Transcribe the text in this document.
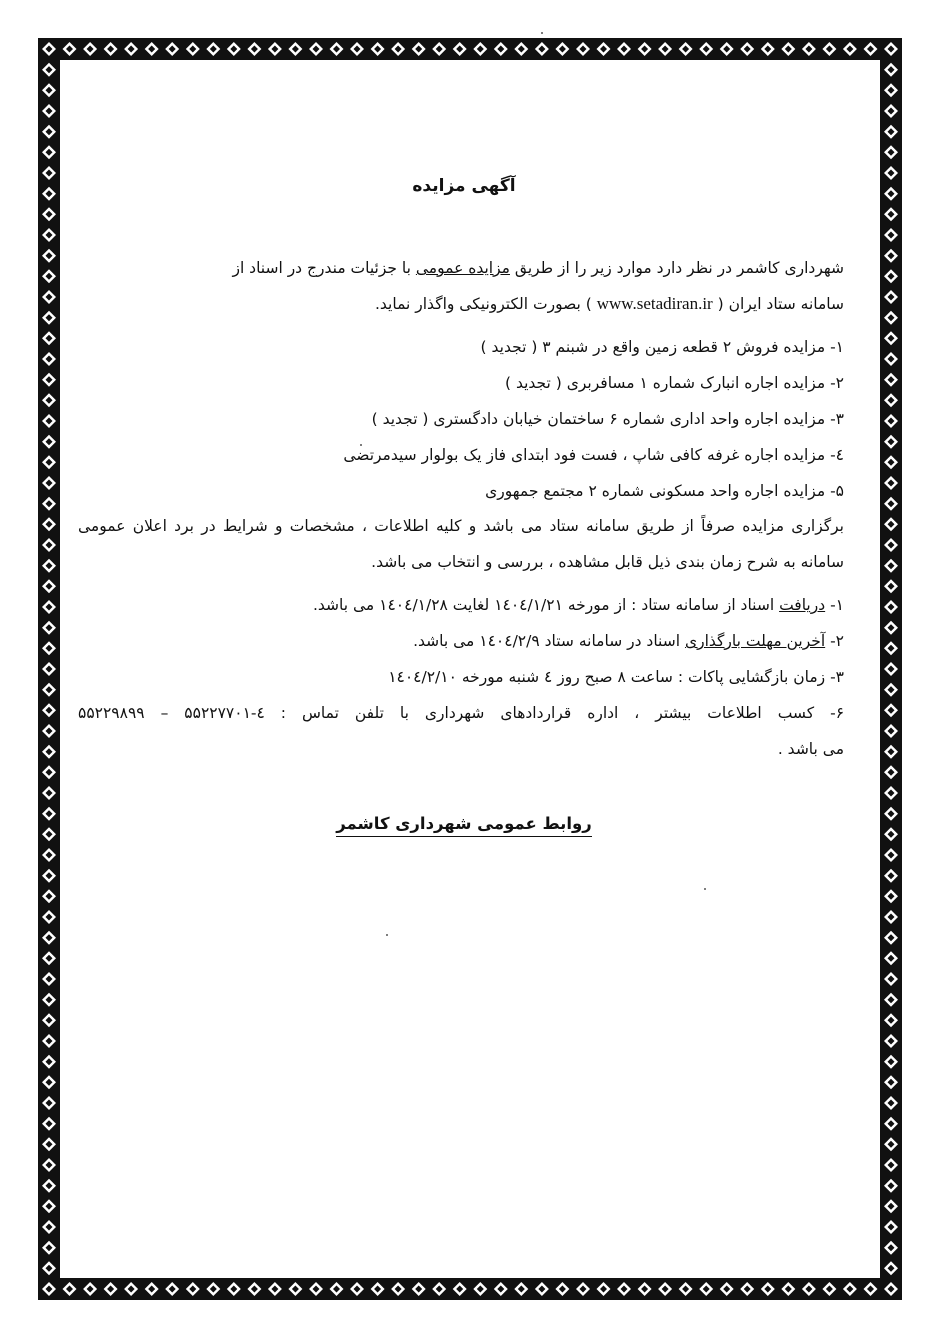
آگهی مزایده
شهرداری کاشمر در نظر دارد موارد زیر را از طریق مزایده عمومی با جزئیات مندرج در اسناد از
سامانه ستاد ایران ( www.setadiran.ir ) بصورت الکترونیکی واگذار نماید.
۱- مزایده فروش ۲ قطعه زمین واقع در شبنم ۳ ( تجدید )
۲- مزایده اجاره انبارک شماره ۱ مسافربری ( تجدید )
۳- مزایده اجاره واحد اداری شماره ۶ ساختمان خیابان دادگستری ( تجدید )
٤- مزایده اجاره غرفه کافی شاپ ، فست فود ابتدای فاز یک بولوار سیدمرتضی
۵- مزایده اجاره واحد مسکونی شماره ۲ مجتمع جمهوری
برگزاری مزایده صرفاً از طریق سامانه ستاد می باشد و کلیه اطلاعات ، مشخصات و شرایط در برد اعلان عمومی سامانه به شرح زمان بندی ذیل قابل مشاهده ، بررسی و انتخاب می باشد.
۱- دریافت اسناد از سامانه ستاد : از مورخه ۱٤۰٤/۱/۲۱ لغایت ۱٤۰٤/۱/۲۸ می باشد.
۲- آخرین مهلت بارگذاری اسناد در سامانه ستاد ۱٤۰٤/۲/۹ می باشد.
۳- زمان بازگشایی پاکات : ساعت ۸ صبح روز ٤ شنبه مورخه ۱٤۰٤/۲/۱۰
۶- کسب اطلاعات بیشتر ، اداره قراردادهای شهرداری با تلفن تماس : ٤-۵۵۲۲۷۷۰۱ – ۵۵۲۲۹۸۹۹
می باشد .
روابط عمومی شهرداری کاشمر
